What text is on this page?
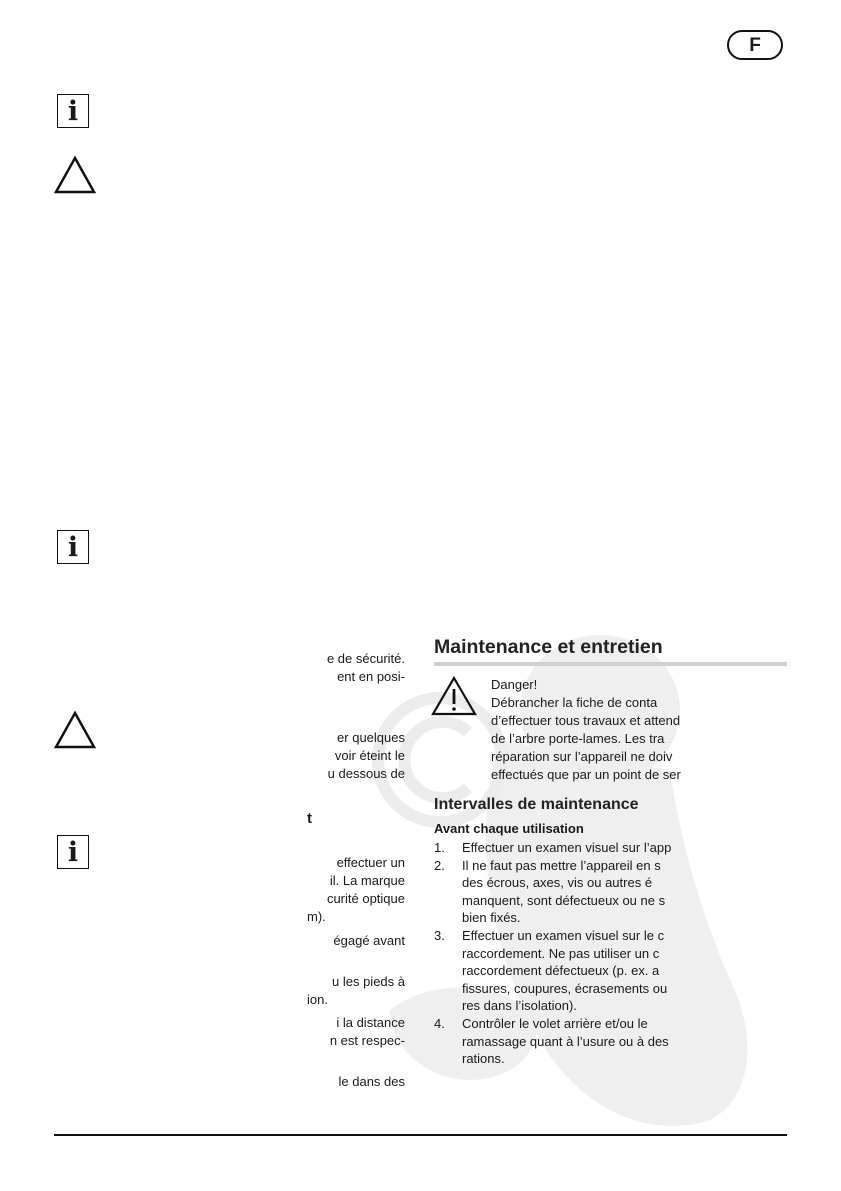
F
i
i
i
e de sécurité.
ent en posi-
er quelques
voir éteint le
u dessous de
t
effectuer un
il. La marque
curité optique
m).
égagé avant
u les pieds à
ion.
i la distance
n est respec-
le dans des
Maintenance et entretien
Danger!
Débrancher la fiche de conta
d’effectuer tous travaux et attend
de l’arbre porte-lames. Les tra
réparation sur l’appareil ne doiv
effectués que par un point de ser
Intervalles de maintenance
Avant chaque utilisation
1. Effectuer un examen visuel sur l’app
2. Il ne faut pas mettre l’appareil en s
des écrous, axes, vis ou autres é
manquent, sont défectueux ou ne s
bien fixés.
3. Effectuer un examen visuel sur le c
raccordement. Ne pas utiliser un c
raccordement défectueux (p. ex. a
fissures, coupures, écrasements ou
res dans l’isolation).
4. Contrôler le volet arrière et/ou le
ramassage quant à l’usure ou à des
rations.
